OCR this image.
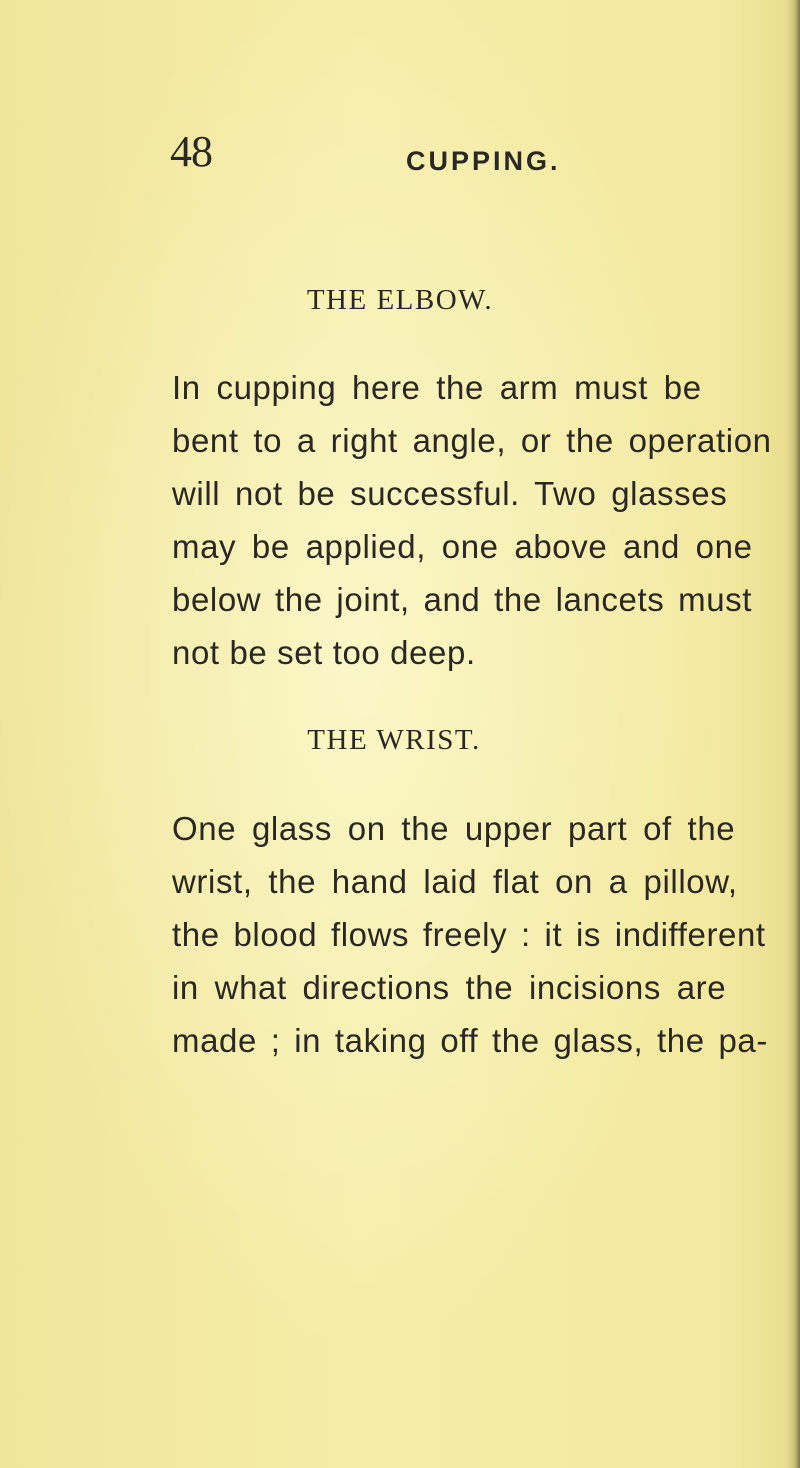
48	CUPPING.
THE ELBOW.
In cupping here the arm must be
bent to a right angle, or the operation
will not be successful. Two glasses
may be applied, one above and one
below the joint, and the lancets must
not be set too deep.
THE WRIST.
One glass on the upper part of the
wrist, the hand laid flat on a pillow,
the blood flows freely : it is indifferent
in what directions the incisions are
made ; in taking off the glass, the pa-
